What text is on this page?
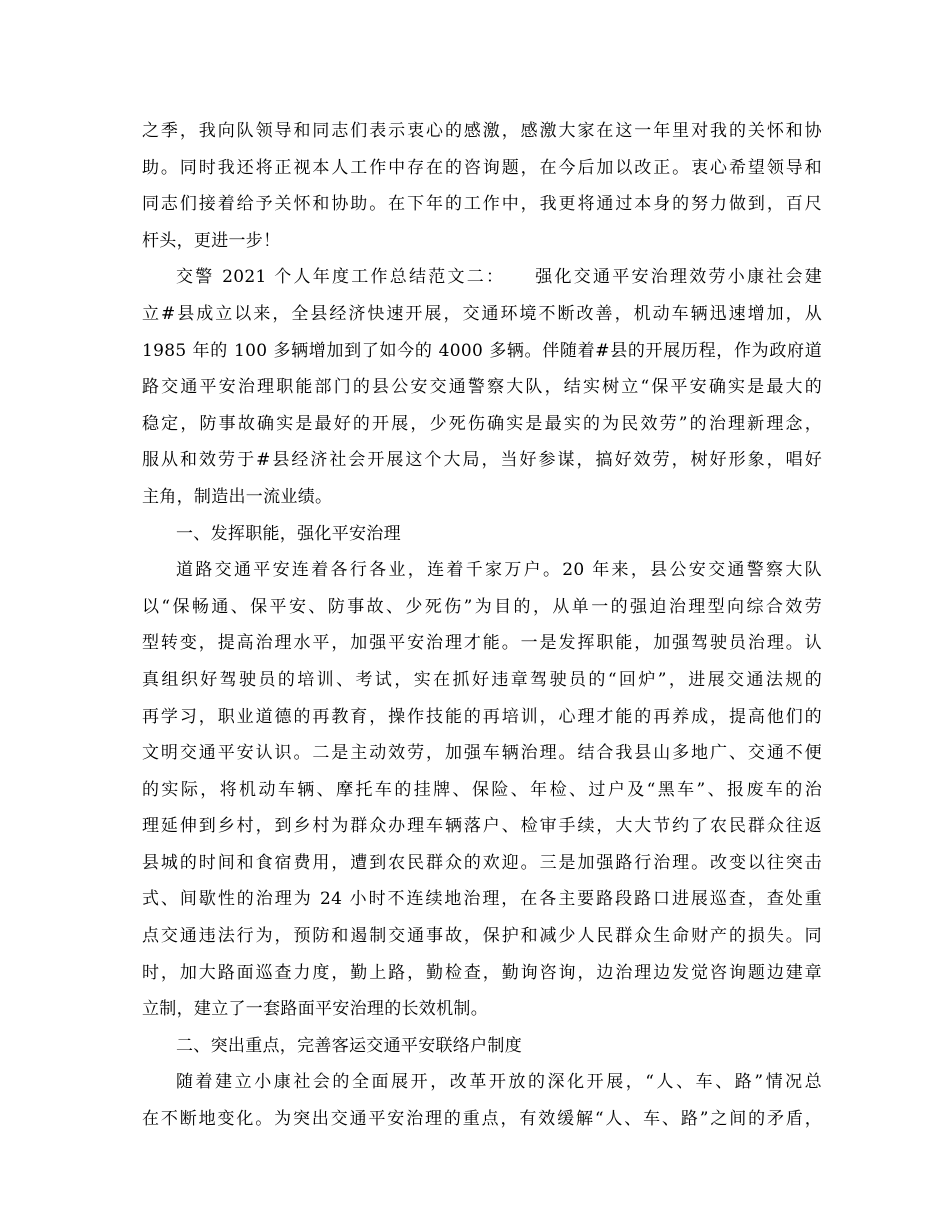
之季，我向队领导和同志们表示衷心的感激，感激大家在这一年里对我的关怀和协
助。同时我还将正视本人工作中存在的咨询题，在今后加以改正。衷心希望领导和
同志们接着给予关怀和协助。在下年的工作中，我更将通过本身的努力做到，百尺
杆头，更进一步！
交警 2021 个人年度工作总结范文二：　　强化交通平安治理效劳小康社会建
立#县成立以来，全县经济快速开展，交通环境不断改善，机动车辆迅速增加，从
1985 年的 100 多辆增加到了如今的 4000 多辆。伴随着#县的开展历程，作为政府道
路交通平安治理职能部门的县公安交通警察大队，结实树立“保平安确实是最大的
稳定，防事故确实是最好的开展，少死伤确实是最实的为民效劳”的治理新理念，
服从和效劳于#县经济社会开展这个大局，当好参谋，搞好效劳，树好形象，唱好
主角，制造出一流业绩。
一、发挥职能，强化平安治理
道路交通平安连着各行各业，连着千家万户。20 年来，县公安交通警察大队
以“保畅通、保平安、防事故、少死伤”为目的，从单一的强迫治理型向综合效劳
型转变，提高治理水平，加强平安治理才能。一是发挥职能，加强驾驶员治理。认
真组织好驾驶员的培训、考试，实在抓好违章驾驶员的“回炉”，进展交通法规的
再学习，职业道德的再教育，操作技能的再培训，心理才能的再养成，提高他们的
文明交通平安认识。二是主动效劳，加强车辆治理。结合我县山多地广、交通不便
的实际，将机动车辆、摩托车的挂牌、保险、年检、过户及“黑车”、报废车的治
理延伸到乡村，到乡村为群众办理车辆落户、检审手续，大大节约了农民群众往返
县城的时间和食宿费用，遭到农民群众的欢迎。三是加强路行治理。改变以往突击
式、间歇性的治理为 24 小时不连续地治理，在各主要路段路口进展巡查，查处重
点交通违法行为，预防和遏制交通事故，保护和减少人民群众生命财产的损失。同
时，加大路面巡查力度，勤上路，勤检查，勤询咨询，边治理边发觉咨询题边建章
立制，建立了一套路面平安治理的长效机制。
二、突出重点，完善客运交通平安联络户制度
随着建立小康社会的全面展开，改革开放的深化开展，“人、车、路”情况总
在不断地变化。为突出交通平安治理的重点，有效缓解“人、车、路”之间的矛盾，
